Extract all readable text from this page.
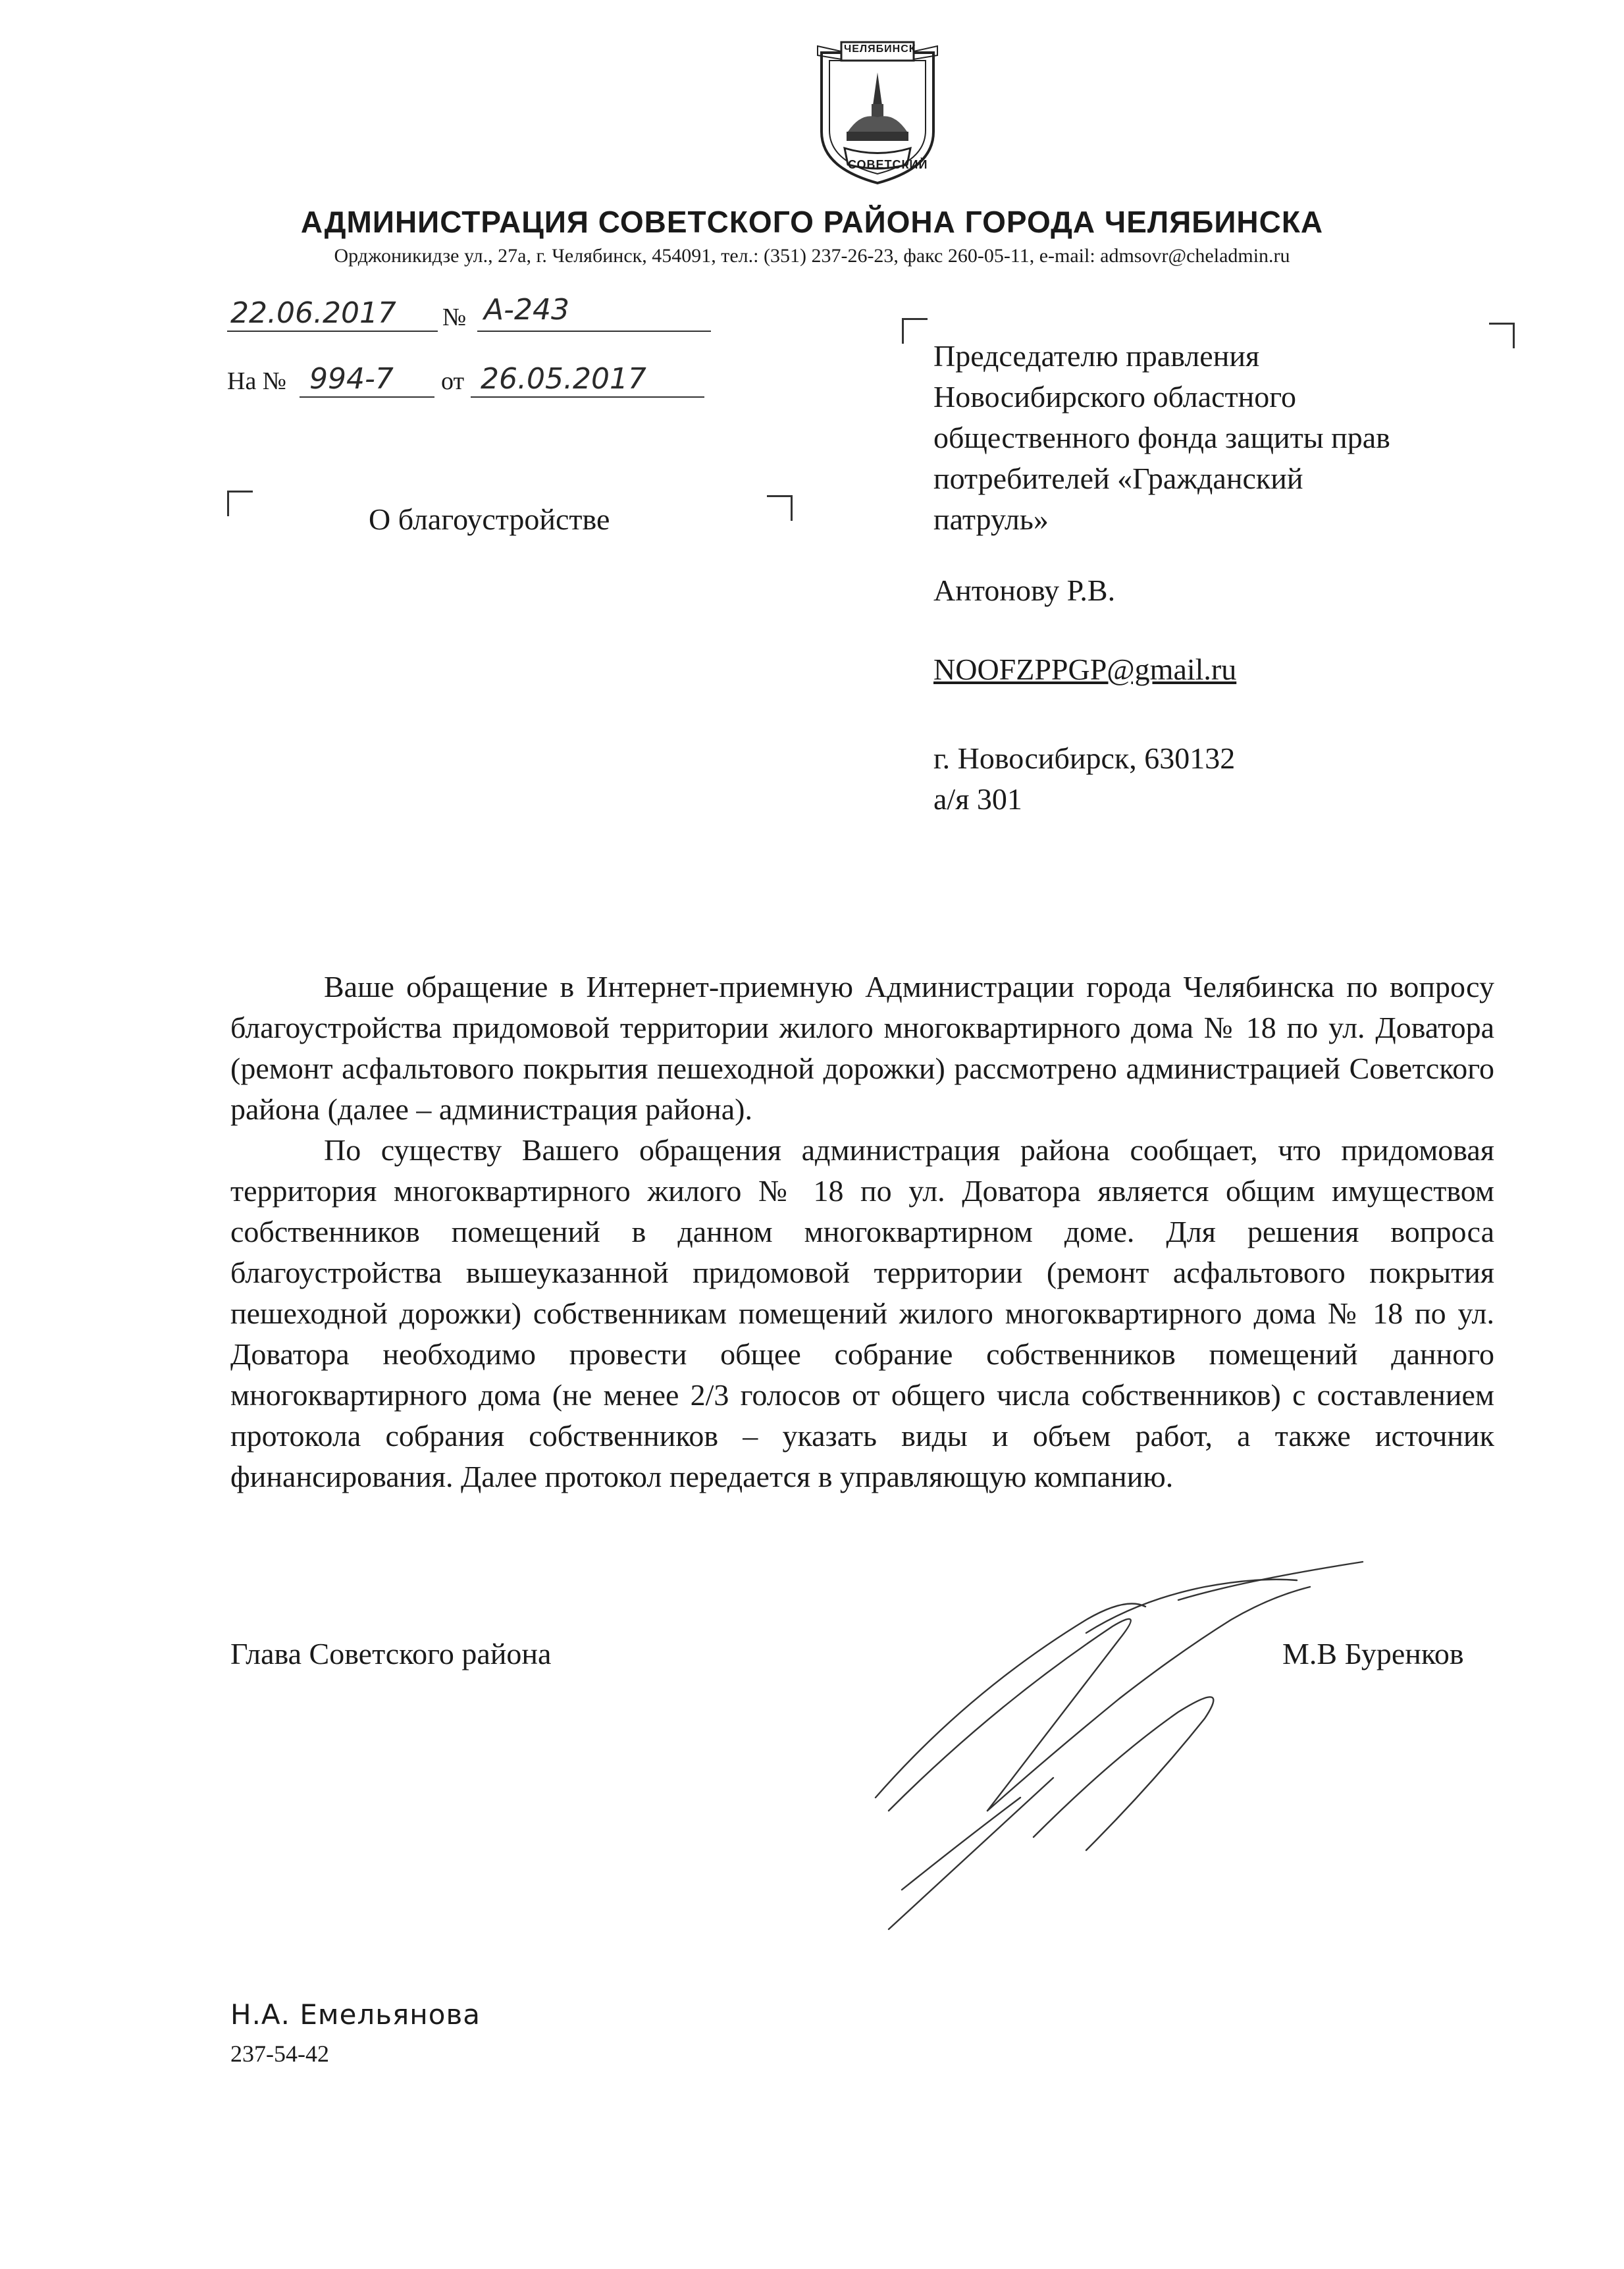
ЧЕЛЯБИНСК
СОВЕТСКИЙ
АДМИНИСТРАЦИЯ СОВЕТСКОГО РАЙОНА ГОРОДА ЧЕЛЯБИНСКА
Орджоникидзе ул., 27а, г. Челябинск, 454091, тел.: (351) 237-26-23, факс 260-05-11, e-mail: admsovr@cheladmin.ru
22.06.2017 № А-243
На № 994-7 от 26.05.2017
Председателю правления
Новосибирского областного
общественного фонда защиты прав
потребителей «Гражданский
патруль»
Антонову Р.В.
NOOFZPPGP@gmail.ru
г. Новосибирск, 630132
а/я 301
О благоустройстве

Ваше обращение в Интернет-приемную Администрации города Челябинска по вопросу благоустройства придомовой территории жилого многоквартирного дома № 18 по ул. Доватора (ремонт асфальтового покрытия пешеходной дорожки) рассмотрено администрацией Советского района (далее – администрация района).

По существу Вашего обращения администрация района сообщает, что придомовая территория многоквартирного жилого № 18 по ул. Доватора является общим имуществом собственников помещений в данном многоквартирном доме. Для решения вопроса благоустройства вышеуказанной придомовой территории (ремонт асфальтового покрытия пешеходной дорожки) собственникам помещений жилого многоквартирного дома № 18 по ул. Доватора необходимо провести общее собрание собственников помещений данного многоквартирного дома (не менее 2/3 голосов от общего числа собственников) с составлением протокола собрания собственников – указать виды и объем работ, а также источник финансирования. Далее протокол передается в управляющую компанию.

Глава Советского района	М.В Буренков
Н.А. Емельянова
237-54-42
